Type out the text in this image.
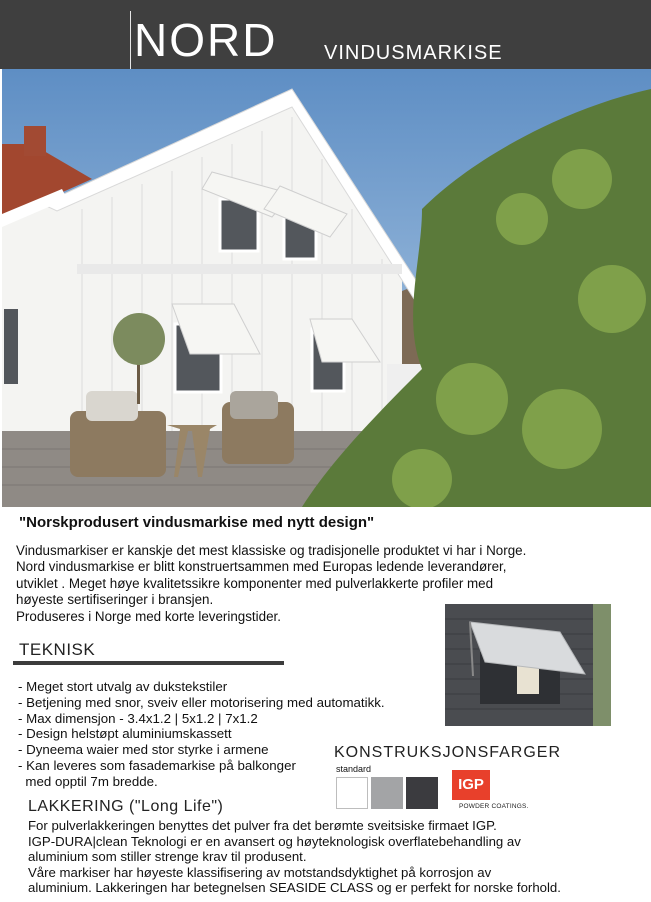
NORD VINDUSMARKISE
"Norskprodusert vindusmarkise med nytt design"

Vindusmarkiser er kanskje det mest klassiske og tradisjonelle produktet vi har i Norge.

Nord vindusmarkise er blitt konstruertsammen med Europas ledende leverandører,

utviklet . Meget høye kvalitetssikre komponenter med pulverlakkerte profiler med

høyeste sertifiseringer i bransjen.

Produseres i Norge med korte leveringstider.

TEKNISK
- Meget stort utvalg av dukstekstiler
- Betjening med snor, sveiv eller motorisering med automatikk.
- Max dimensjon - 3.4x1.2 | 5x1.2 | 7x1.2
- Design helstøpt aluminiumskassett
- Dyneema waier med stor styrke i armene
- Kan leveres som fasademarkise på balkonger
med opptil 7m bredde.
KONSTRUKSJONSFARGER
standard
IGP
POWDER COATINGS.
LAKKERING ("Long Life")

For pulverlakkeringen benyttes det pulver fra det berømte sveitsiske firmaet IGP.

IGP-DURA|clean Teknologi er en avansert og høyteknologisk overflatebehandling av

aluminium som stiller strenge krav til produsent.

Våre markiser har høyeste klassifisering av motstandsdyktighet på korrosjon av

aluminium. Lakkeringen har betegnelsen SEASIDE CLASS og er perfekt for norske forhold.
